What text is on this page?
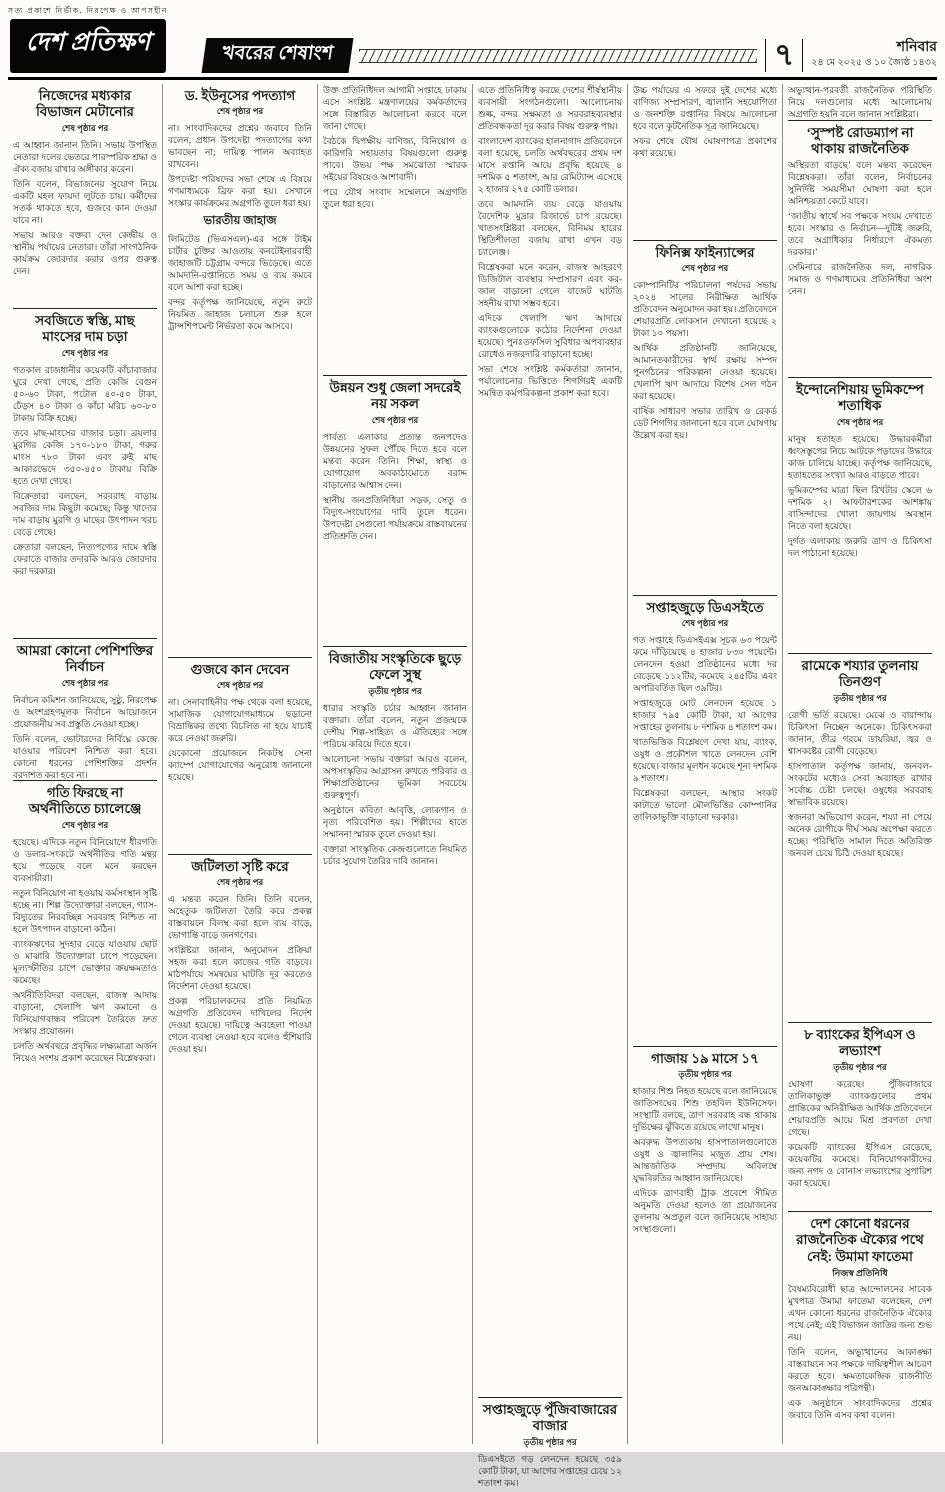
সত্য প্রকাশে নির্ভীক, নিরপেক্ষ ও আপসহীন
দেশ প্রতিক্ষণ	খবরের শেষাংশ	৭	শনিবার
২৪ মে ২০২৫ ও ১০ জ্যৈষ্ঠ ১৪৩২
নিজেদের মধ্যকার বিভাজন মেটানোর
শেষ পৃষ্ঠার পর

এ আহ্বান জানান তিনি। সভায় উপস্থিত নেতারা দলের ভেতরে পারস্পরিক শ্রদ্ধা ও ঐক্য বজায় রাখার অঙ্গীকার করেন।

তিনি বলেন, বিভাজনের সুযোগ নিয়ে একটি মহল ফায়দা লুটতে চায়। কর্মীদের সতর্ক থাকতে হবে, গুজবে কান দেওয়া যাবে না।

সভায় আরও বক্তব্য দেন কেন্দ্রীয় ও স্থানীয় পর্যায়ের নেতারা। তাঁরা সাংগঠনিক কার্যক্রম জোরদার করার ওপর গুরুত্ব দেন।

সবজিতে স্বস্তি, মাছ মাংসের দাম চড়া
শেষ পৃষ্ঠার পর

গতকাল রাজধানীর কয়েকটি কাঁচাবাজার ঘুরে দেখা গেছে, প্রতি কেজি বেগুন ৫০-৬০ টাকা, পটোল ৪০-৫০ টাকা, ঢেঁড়স ৪০ টাকা ও কাঁচা মরিচ ৬০-৮০ টাকায় বিক্রি হচ্ছে।

তবে মাছ-মাংসের বাজার চড়া। ব্রয়লার মুরগির কেজি ১৭০-১৮০ টাকা, গরুর মাংস ৭৮০ টাকা এবং রুই মাছ আকারভেদে ৩৫০-৪৫০ টাকায় বিক্রি হতে দেখা গেছে।

বিক্রেতারা বলছেন, সরবরাহ বাড়ায় সবজির দাম কিছুটা কমেছে; কিন্তু খাদ্যের দাম বাড়ায় মুরগি ও মাছের উৎপাদন খরচ বেড়ে গেছে।

ক্রেতারা বলছেন, নিত্যপণ্যের দামে স্বস্তি ফেরাতে বাজার তদারকি আরও জোরদার করা দরকার।

আমরা কোনো পেশিশক্তির নির্বাচন
শেষ পৃষ্ঠার পর

নির্বাচন কমিশন জানিয়েছে, সুষ্ঠু, নিরপেক্ষ ও অংশগ্রহণমূলক নির্বাচন আয়োজনে প্রয়োজনীয় সব প্রস্তুতি নেওয়া হচ্ছে।

তিনি বলেন, ভোটারদের নির্বিঘ্নে কেন্দ্রে যাওয়ার পরিবেশ নিশ্চিত করা হবে। কোনো ধরনের পেশিশক্তির প্রদর্শন বরদাশত করা হবে না।

গতি ফিরছে না অর্থনীতিতে চ্যালেঞ্জে
শেষ পৃষ্ঠার পর

হয়েছে। এদিকে নতুন বিনিয়োগে ধীরগতি ও ডলার-সংকটে অর্থনীতির গতি মন্থর হয়ে পড়েছে বলে মনে করছেন ব্যবসায়ীরা।

নতুন বিনিয়োগ না হওয়ায় কর্মসংস্থান সৃষ্টি হচ্ছে না। শিল্প উদ্যোক্তারা বলছেন, গ্যাস-বিদ্যুতের নিরবচ্ছিন্ন সরবরাহ নিশ্চিত না হলে উৎপাদন বাড়ানো কঠিন।

ব্যাংকঋণের সুদহার বেড়ে যাওয়ায় ছোট ও মাঝারি উদ্যোক্তারা চাপে পড়েছেন। মূল্যস্ফীতির চাপে ভোক্তার ক্রয়ক্ষমতাও কমেছে।

অর্থনীতিবিদরা বলছেন, রাজস্ব আদায় বাড়ানো, খেলাপি ঋণ কমানো ও বিনিয়োগবান্ধব পরিবেশ তৈরিতে দ্রুত সংস্কার প্রয়োজন।

চলতি অর্থবছরে প্রবৃদ্ধির লক্ষ্যমাত্রা অর্জন নিয়েও সংশয় প্রকাশ করেছেন বিশ্লেষকরা।

ড. ইউনূসের পদত্যাগ
শেষ পৃষ্ঠার পর

না। সাংবাদিকদের প্রশ্নের জবাবে তিনি বলেন, প্রধান উপদেষ্টা পদত্যাগের কথা ভাবছেন না; দায়িত্ব পালন অব্যাহত রাখবেন।

উপদেষ্টা পরিষদের সভা শেষে এ বিষয়ে গণমাধ্যমকে ব্রিফ করা হয়। সেখানে সংস্কার কার্যক্রমের অগ্রগতি তুলে ধরা হয়।

ভারতীয় জাহাজ

লিমিটেড (ভিএসএল)-এর সঙ্গে টাইম চার্টার চুক্তির আওতায় কনটেইনারবাহী জাহাজটি চট্টগ্রাম বন্দরে ভিড়েছে। এতে আমদানি-রপ্তানিতে সময় ও ব্যয় কমবে বলে আশা করা হচ্ছে।

বন্দর কর্তৃপক্ষ জানিয়েছে, নতুন রুটে নিয়মিত জাহাজ চলাচল শুরু হলে ট্রান্সশিপমেন্ট নির্ভরতা কমে আসবে।

গুজবে কান দেবেন
শেষ পৃষ্ঠার পর

না। সেনাবাহিনীর পক্ষ থেকে বলা হয়েছে, সামাজিক যোগাযোগমাধ্যমে ছড়ানো বিভ্রান্তিকর তথ্যে বিচলিত না হয়ে যাচাই করে নেওয়া জরুরি।

যেকোনো প্রয়োজনে নিকটস্থ সেনা ক্যাম্পে যোগাযোগের অনুরোধ জানানো হয়েছে।

জটিলতা সৃষ্টি করে
শেষ পৃষ্ঠার পর

এ মন্তব্য করেন তিনি। তিনি বলেন, অহেতুক জটিলতা তৈরি করে প্রকল্প বাস্তবায়নে বিলম্ব করা হলে ব্যয় বাড়ে, ভোগান্তি বাড়ে জনগণের।

সংশ্লিষ্টরা জানান, অনুমোদন প্রক্রিয়া সহজ করা হলে কাজের গতি বাড়বে। মাঠপর্যায়ে সমন্বয়ের ঘাটতি দূর করতেও নির্দেশনা দেওয়া হয়েছে।

প্রকল্প পরিচালকদের প্রতি নিয়মিত অগ্রগতি প্রতিবেদন দাখিলের নির্দেশ দেওয়া হয়েছে। দায়িত্বে অবহেলা পাওয়া গেলে ব্যবস্থা নেওয়া হবে বলেও হুঁশিয়ারি দেওয়া হয়।

উক্ত প্রতিনিধিদল আগামী সপ্তাহে ঢাকায় এসে সংশ্লিষ্ট মন্ত্রণালয়ের কর্মকর্তাদের সঙ্গে বিস্তারিত আলোচনা করবে বলে জানা গেছে।

বৈঠকে দ্বিপক্ষীয় বাণিজ্য, বিনিয়োগ ও কারিগরি সহায়তার বিষয়গুলো গুরুত্ব পাবে। উভয় পক্ষ সমঝোতা স্মারক সইয়ের বিষয়েও আশাবাদী।

পরে যৌথ সংবাদ সম্মেলনে অগ্রগতি তুলে ধরা হবে।

উন্নয়ন শুধু জেলা সদরেই নয় সকল
শেষ পৃষ্ঠার পর

পার্বত্য এলাকার প্রত্যন্ত জনপদেও উন্নয়নের সুফল পৌঁছে দিতে হবে বলে মন্তব্য করেন তিনি। শিক্ষা, স্বাস্থ্য ও যোগাযোগ অবকাঠামোতে বরাদ্দ বাড়ানোর আশ্বাস দেন।

স্থানীয় জনপ্রতিনিধিরা সড়ক, সেতু ও বিদ্যুৎ-সংযোগের দাবি তুলে ধরেন। উপদেষ্টা সেগুলো পর্যায়ক্রমে বাস্তবায়নের প্রতিশ্রুতি দেন।

বিজাতীয় সংস্কৃতিকে ছুড়ে ফেলে সুস্থ
তৃতীয় পৃষ্ঠার পর

ধারার সংস্কৃতি চর্চার আহ্বান জানান বক্তারা। তাঁরা বলেন, নতুন প্রজন্মকে দেশীয় শিল্প-সাহিত্য ও ঐতিহ্যের সঙ্গে পরিচয় করিয়ে দিতে হবে।

আলোচনা সভায় বক্তারা আরও বলেন, অপসংস্কৃতির আগ্রাসন রুখতে পরিবার ও শিক্ষাপ্রতিষ্ঠানের ভূমিকা সবচেয়ে গুরুত্বপূর্ণ।

অনুষ্ঠানে কবিতা আবৃত্তি, লোকগান ও নৃত্য পরিবেশিত হয়। শিল্পীদের হাতে সম্মাননা স্মারক তুলে দেওয়া হয়।

বক্তারা সাংস্কৃতিক কেন্দ্রগুলোতে নিয়মিত চর্চার সুযোগ তৈরির দাবি জানান।

এতে প্রতিনিধিত্ব করছে দেশের শীর্ষস্থানীয় ব্যবসায়ী সংগঠনগুলো। আলোচনায় শুল্ক, বন্দর সক্ষমতা ও সরবরাহব্যবস্থার প্রতিবন্ধকতা দূর করার বিষয় গুরুত্ব পায়।

বাংলাদেশ ব্যাংকের হালনাগাদ প্রতিবেদনে বলা হয়েছে, চলতি অর্থবছরের প্রথম দশ মাসে রপ্তানি আয়ে প্রবৃদ্ধি হয়েছে ৪ দশমিক ৫ শতাংশ, আর রেমিট্যান্স এসেছে ২ হাজার ২৭৫ কোটি ডলার।

তবে আমদানি ব্যয় বেড়ে যাওয়ায় বৈদেশিক মুদ্রার রিজার্ভে চাপ রয়েছে। খাতসংশ্লিষ্টরা বলছেন, বিনিময় হারের স্থিতিশীলতা বজায় রাখা এখন বড় চ্যালেঞ্জ।

বিশ্লেষকরা মনে করেন, রাজস্ব আহরণে ডিজিটাল ব্যবস্থার সম্প্রসারণ এবং কর-জাল বাড়ানো গেলে বাজেট ঘাটতি সহনীয় রাখা সম্ভব হবে।

এদিকে খেলাপি ঋণ আদায়ে ব্যাংকগুলোকে কঠোর নির্দেশনা দেওয়া হয়েছে। পুনঃতফসিল সুবিধার অপব্যবহার রোধেও নজরদারি বাড়ানো হচ্ছে।

সভা শেষে সংশ্লিষ্ট কর্মকর্তারা জানান, পর্যালোচনার ভিত্তিতে শিগগিরই একটি সমন্বিত কর্মপরিকল্পনা প্রকাশ করা হবে।

সপ্তাহজুড়ে পুঁজিবাজারের বাজার
তৃতীয় পৃষ্ঠার পর

ডিএসইতে গড় লেনদেন হয়েছে ৩৫৯ কোটি টাকা, যা আগের সপ্তাহের চেয়ে ১২ শতাংশ কম।

উচ্চ পর্যায়ের এ সফরে দুই দেশের মধ্যে বাণিজ্য সম্প্রসারণ, জ্বালানি সহযোগিতা ও জনশক্তি রপ্তানির বিষয়ে আলোচনা হবে বলে কূটনৈতিক সূত্র জানিয়েছে।

সফর শেষে যৌথ ঘোষণাপত্র প্রকাশের কথা রয়েছে।

ফিনিক্স ফাইন্যান্সের
শেষ পৃষ্ঠার পর

কোম্পানিটির পরিচালনা পর্ষদের সভায় ২০২৪ সালের নিরীক্ষিত আর্থিক প্রতিবেদন অনুমোদন করা হয়। প্রতিবেদনে শেয়ারপ্রতি লোকসান দেখানো হয়েছে ২ টাকা ১০ পয়সা।

আর্থিক প্রতিষ্ঠানটি জানিয়েছে, আমানতকারীদের স্বার্থ রক্ষায় সম্পদ পুনর্গঠনের পরিকল্পনা নেওয়া হয়েছে। খেলাপি ঋণ আদায়ে বিশেষ সেল গঠন করা হয়েছে।

বার্ষিক সাধারণ সভার তারিখ ও রেকর্ড ডেট শিগগির জানানো হবে বলে ঘোষণায় উল্লেখ করা হয়।

সপ্তাহজুড়ে ডিএসইতে
শেষ পৃষ্ঠার পর

গত সপ্তাহে ডিএসইএক্স সূচক ৬৩ পয়েন্ট কমে দাঁড়িয়েছে ৪ হাজার ৮৩০ পয়েন্টে। লেনদেন হওয়া প্রতিষ্ঠানের মধ্যে দর বেড়েছে ১১২টির, কমেছে ২৪৫টির এবং অপরিবর্তিত ছিল ৩৯টির।

সপ্তাহজুড়ে মোট লেনদেন হয়েছে ১ হাজার ৭৯৫ কোটি টাকা, যা আগের সপ্তাহের তুলনায় ৮ দশমিক ৪ শতাংশ কম।

খাতভিত্তিক বিশ্লেষণে দেখা যায়, ব্যাংক, ওষুধ ও প্রকৌশল খাতে লেনদেন বেশি হয়েছে। বাজার মূলধন কমেছে শূন্য দশমিক ৯ শতাংশ।

বিশ্লেষকরা বলছেন, আস্থার সংকট কাটাতে ভালো মৌলভিত্তির কোম্পানির তালিকাভুক্তি বাড়ানো দরকার।

গাজায় ১৯ মাসে ১৭
তৃতীয় পৃষ্ঠার পর

হাজার শিশু নিহত হয়েছে বলে জানিয়েছে জাতিসংঘের শিশু তহবিল ইউনিসেফ। সংস্থাটি বলছে, ত্রাণ সরবরাহ বন্ধ থাকায় দুর্ভিক্ষের ঝুঁকিতে রয়েছে লাখো মানুষ।

অবরুদ্ধ উপত্যকায় হাসপাতালগুলোতে ওষুধ ও জ্বালানির মজুত প্রায় শেষ। আন্তর্জাতিক সম্প্রদায় অবিলম্বে যুদ্ধবিরতির আহ্বান জানিয়েছে।

এদিকে ত্রাণবাহী ট্রাক প্রবেশে সীমিত অনুমতি দেওয়া হলেও তা প্রয়োজনের তুলনায় অপ্রতুল বলে জানিয়েছে সাহায্য সংস্থাগুলো।

অভ্যুত্থান-পরবর্তী রাজনৈতিক পরিস্থিতি নিয়ে দলগুলোর মধ্যে আলোচনায় অগ্রগতি হয়নি বলে জানান সংশ্লিষ্টরা।

‘সুস্পষ্ট রোডম্যাপ না থাকায় রাজনৈতিক

অস্থিরতা বাড়ছে’ বলে মন্তব্য করেছেন বিশ্লেষকরা। তাঁরা বলেন, নির্বাচনের সুনির্দিষ্ট সময়সীমা ঘোষণা করা হলে অনিশ্চয়তা কেটে যাবে।

‘জাতীয় স্বার্থে সব পক্ষকে সংযম দেখাতে হবে। সংস্কার ও নির্বাচন—দুটিই জরুরি, তবে অগ্রাধিকার নির্ধারণে ঐকমত্য দরকার।’

সেমিনারে রাজনৈতিক দল, নাগরিক সমাজ ও গণমাধ্যমের প্রতিনিধিরা অংশ নেন।

ইন্দোনেশিয়ায় ভূমিকম্পে শতাধিক
শেষ পৃষ্ঠার পর

মানুষ হতাহত হয়েছে। উদ্ধারকর্মীরা ধ্বংসস্তূপের নিচে আটকে পড়াদের উদ্ধারে কাজ চালিয়ে যাচ্ছে। কর্তৃপক্ষ জানিয়েছে, হতাহতের সংখ্যা আরও বাড়তে পারে।

ভূমিকম্পের মাত্রা ছিল রিখটার স্কেলে ৬ দশমিক ২। আফটারশকের আশঙ্কায় বাসিন্দাদের খোলা জায়গায় অবস্থান নিতে বলা হয়েছে।

দুর্গত এলাকায় জরুরি ত্রাণ ও চিকিৎসা দল পাঠানো হয়েছে।

রামেকে শয্যার তুলনায় তিনগুণ
তৃতীয় পৃষ্ঠার পর

রোগী ভর্তি রয়েছে। মেঝে ও বারান্দায় চিকিৎসা নিচ্ছেন অনেকে। চিকিৎসকরা জানান, তীব্র গরমে ডায়রিয়া, জ্বর ও শ্বাসকষ্টের রোগী বেড়েছে।

হাসপাতাল কর্তৃপক্ষ জানায়, জনবল-সংকটের মধ্যেও সেবা অব্যাহত রাখার সর্বোচ্চ চেষ্টা চলছে। ওষুধের সরবরাহ স্বাভাবিক রয়েছে।

স্বজনরা অভিযোগ করেন, শয্যা না পেয়ে অনেক রোগীকে দীর্ঘ সময় অপেক্ষা করতে হচ্ছে। পরিস্থিতি সামাল দিতে অতিরিক্ত জনবল চেয়ে চিঠি দেওয়া হয়েছে।

৮ ব্যাংকের ইপিএস ও লভ্যাংশ
তৃতীয় পৃষ্ঠার পর

ঘোষণা করেছে। পুঁজিবাজারে তালিকাভুক্ত ব্যাংকগুলোর প্রথম প্রান্তিকের অনিরীক্ষিত আর্থিক প্রতিবেদনে শেয়ারপ্রতি আয়ে মিশ্র প্রবণতা দেখা গেছে।

কয়েকটি ব্যাংকের ইপিএস বেড়েছে, কয়েকটির কমেছে। বিনিয়োগকারীদের জন্য নগদ ও বোনাস লভ্যাংশের সুপারিশ করা হয়েছে।

দেশ কোনো ধরনের রাজনৈতিক ঐক্যের পথে নেই: উমামা ফাতেমা
নিজস্ব প্রতিনিধি

বৈষম্যবিরোধী ছাত্র আন্দোলনের সাবেক মুখপাত্র উমামা ফাতেমা বলেছেন, দেশ এখন কোনো ধরনের রাজনৈতিক ঐক্যের পথে নেই; এই বিভাজন জাতির জন্য শুভ নয়।

তিনি বলেন, অভ্যুত্থানের আকাঙ্ক্ষা বাস্তবায়নে সব পক্ষকে দায়িত্বশীল আচরণ করতে হবে। ক্ষমতাকেন্দ্রিক রাজনীতি জনআকাঙ্ক্ষার পরিপন্থী।

এক অনুষ্ঠানে সাংবাদিকদের প্রশ্নের জবাবে তিনি এসব কথা বলেন।
